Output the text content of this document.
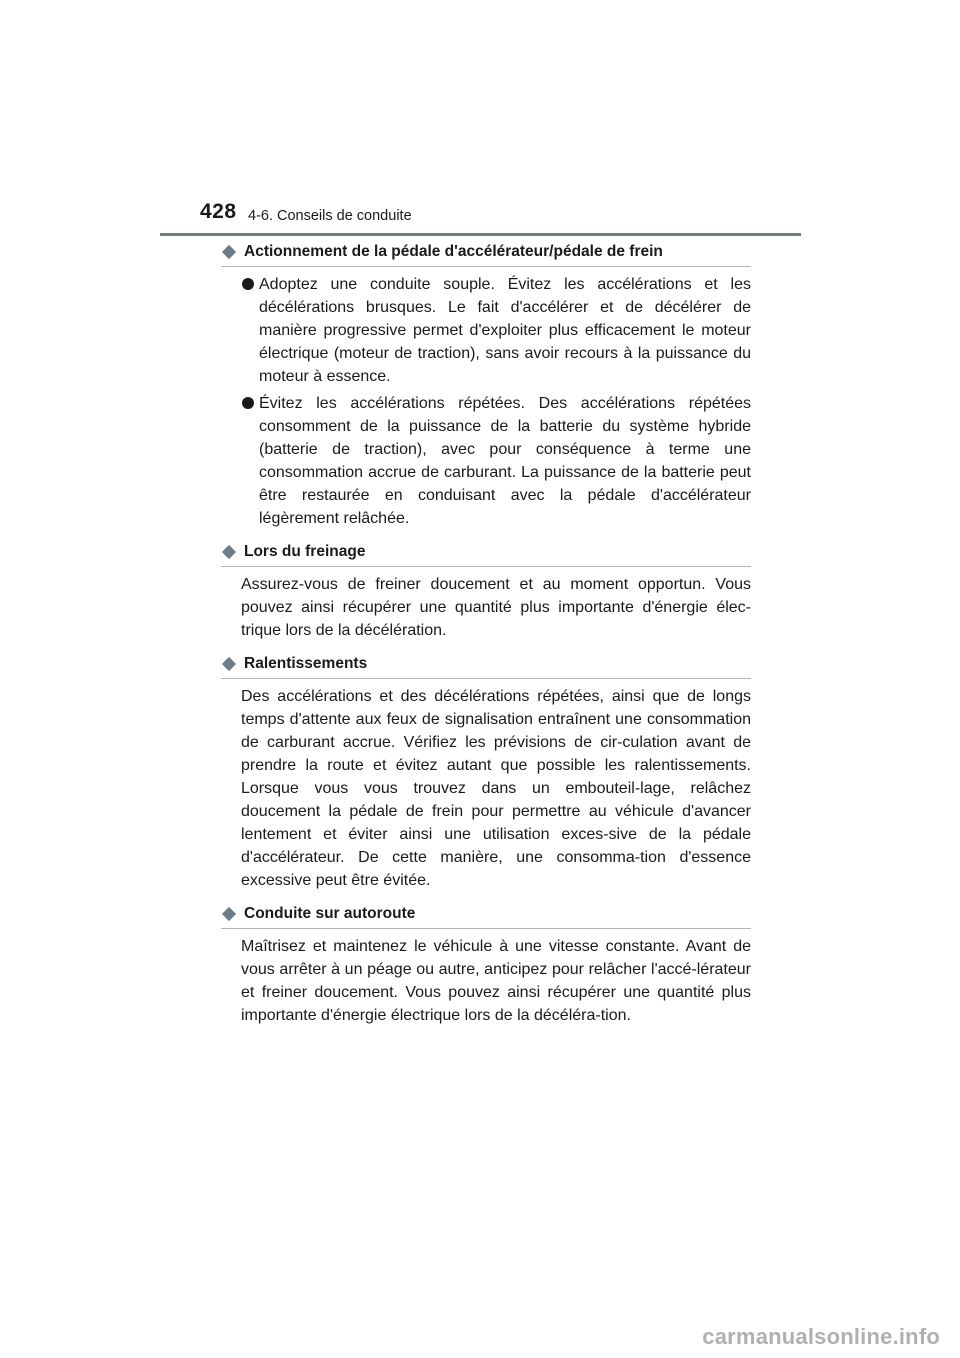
428 4-6. Conseils de conduite
Actionnement de la pédale d'accélérateur/pédale de frein
Adoptez une conduite souple. Évitez les accélérations et les décélérations brusques. Le fait d'accélérer et de décélérer de manière progressive permet d'exploiter plus efficacement le moteur électrique (moteur de traction), sans avoir recours à la puissance du moteur à essence.
Évitez les accélérations répétées. Des accélérations répétées consomment de la puissance de la batterie du système hybride (batterie de traction), avec pour conséquence à terme une consommation accrue de carburant. La puissance de la batterie peut être restaurée en conduisant avec la pédale d'accélérateur légèrement relâchée.
Lors du freinage
Assurez-vous de freiner doucement et au moment opportun. Vous pouvez ainsi récupérer une quantité plus importante d'énergie élec-trique lors de la décélération.
Ralentissements
Des accélérations et des décélérations répétées, ainsi que de longs temps d'attente aux feux de signalisation entraînent une consommation de carburant accrue. Vérifiez les prévisions de cir-culation avant de prendre la route et évitez autant que possible les ralentissements. Lorsque vous vous trouvez dans un embouteil-lage, relâchez doucement la pédale de frein pour permettre au véhicule d'avancer lentement et éviter ainsi une utilisation exces-sive de la pédale d'accélérateur. De cette manière, une consomma-tion d'essence excessive peut être évitée.
Conduite sur autoroute
Maîtrisez et maintenez le véhicule à une vitesse constante. Avant de vous arrêter à un péage ou autre, anticipez pour relâcher l'accé-lérateur et freiner doucement. Vous pouvez ainsi récupérer une quantité plus importante d'énergie électrique lors de la décéléra-tion.
carmanualsonline.info
